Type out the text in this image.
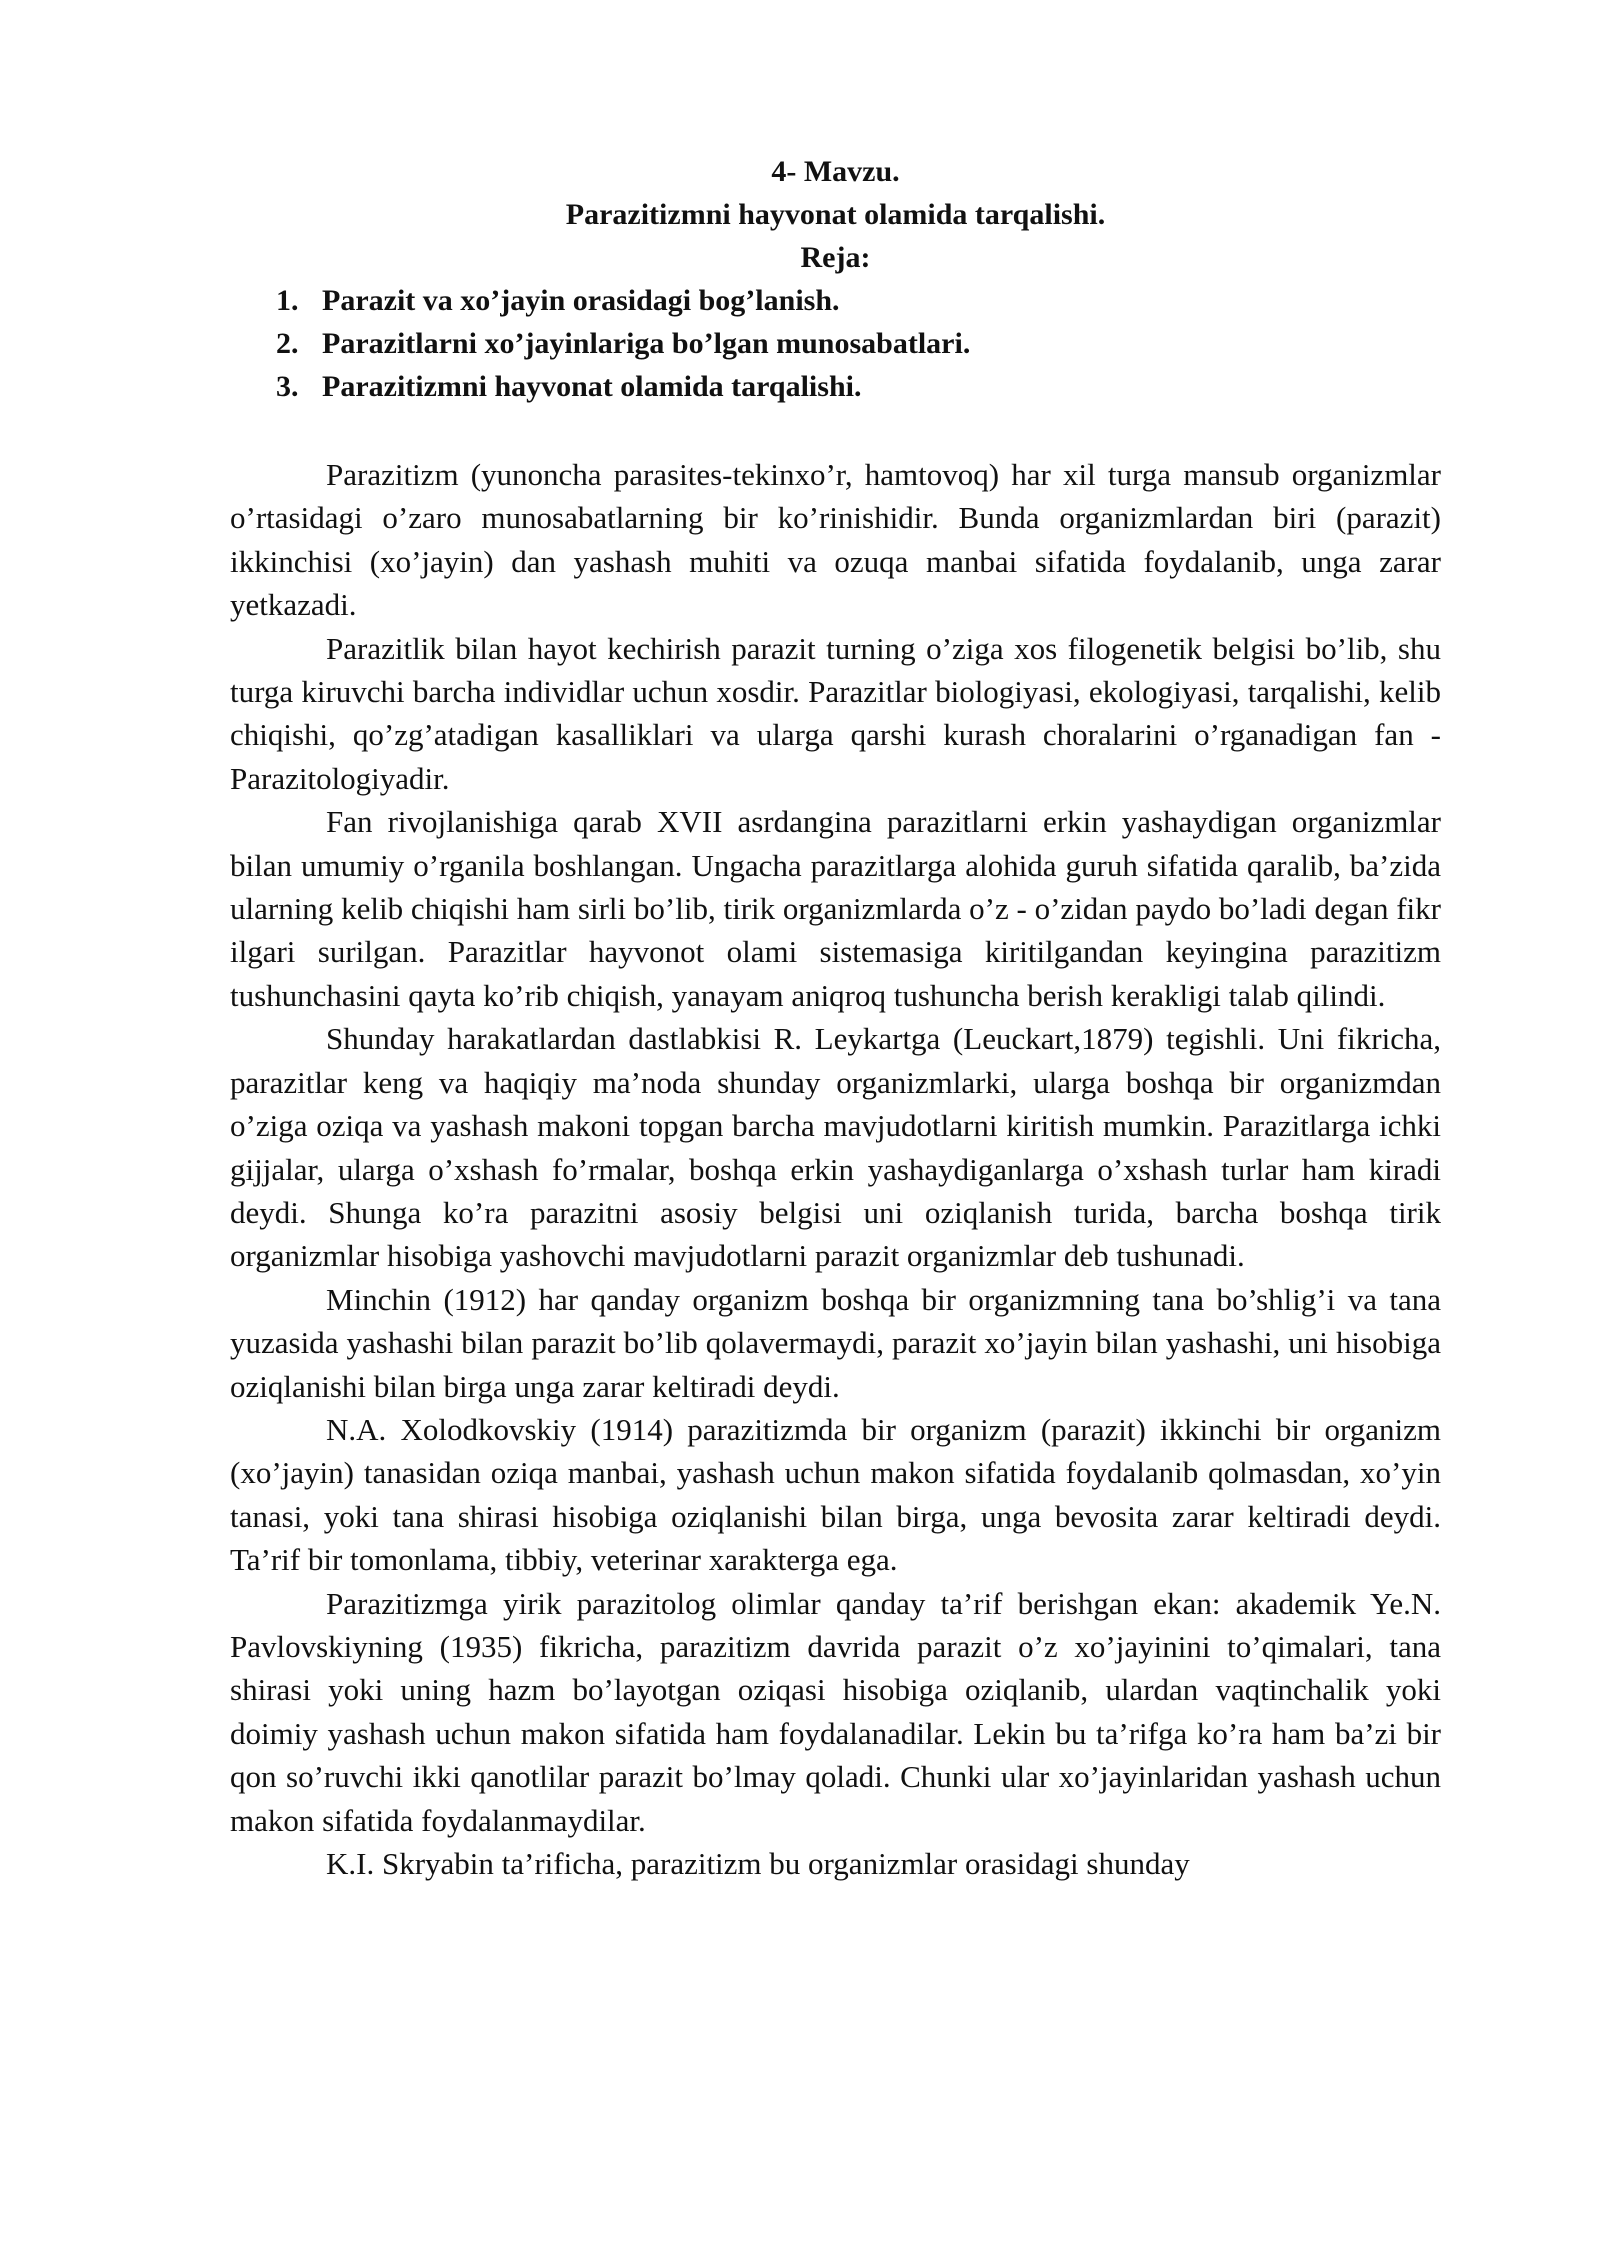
4- Mavzu.
Parazitizmni hayvonat olamida tarqalishi.
Reja:
1. Parazit va xo’jayin orasidagi bog’lanish.
2. Parazitlarni xo’jayinlariga bo’lgan munosabatlari.
3. Parazitizmni hayvonat olamida tarqalishi.

Parazitizm (yunoncha parasites-tekinxo’r, hamtovoq) har xil turga mansub organizmlar o’rtasidagi o’zaro munosabatlarning bir ko’rinishidir. Bunda organizmlardan biri (parazit) ikkinchisi (xo’jayin) dan yashash muhiti va ozuqa manbai sifatida foydalanib, unga zarar yetkazadi.

Parazitlik bilan hayot kechirish parazit turning o’ziga xos filogenetik belgisi bo’lib, shu turga kiruvchi barcha individlar uchun xosdir. Parazitlar biologiyasi, ekologiyasi, tarqalishi, kelib chiqishi, qo’zg’atadigan kasalliklari va ularga qarshi kurash choralarini o’rganadigan fan - Parazitologiyadir.

Fan rivojlanishiga qarab XVII asrdangina parazitlarni erkin yashaydigan organizmlar bilan umumiy o’rganila boshlangan. Ungacha parazitlarga alohida guruh sifatida qaralib, ba’zida ularning kelib chiqishi ham sirli bo’lib, tirik organizmlarda o’z - o’zidan paydo bo’ladi degan fikr ilgari surilgan. Parazitlar hayvonot olami sistemasiga kiritilgandan keyingina parazitizm tushunchasini qayta ko’rib chiqish, yanayam aniqroq tushuncha berish kerakligi talab qilindi.

Shunday harakatlardan dastlabkisi R. Leykartga (Leuckart,1879) tegishli. Uni fikricha, parazitlar keng va haqiqiy ma’noda shunday organizmlarki, ularga boshqa bir organizmdan o’ziga oziqa va yashash makoni topgan barcha mavjudotlarni kiritish mumkin. Parazitlarga ichki gijjalar, ularga o’xshash fo’rmalar, boshqa erkin yashaydiganlarga o’xshash turlar ham kiradi deydi. Shunga ko’ra parazitni asosiy belgisi uni oziqlanish turida, barcha boshqa tirik organizmlar hisobiga yashovchi mavjudotlarni parazit organizmlar deb tushunadi.

Minchin (1912) har qanday organizm boshqa bir organizmning tana bo’shlig’i va tana yuzasida yashashi bilan parazit bo’lib qolavermaydi, parazit xo’jayin bilan yashashi, uni hisobiga oziqlanishi bilan birga unga zarar keltiradi deydi.

N.A. Xolodkovskiy (1914) parazitizmda bir organizm (parazit) ikkinchi bir organizm (xo’jayin) tanasidan oziqa manbai, yashash uchun makon sifatida foydalanib qolmasdan, xo’yin tanasi, yoki tana shirasi hisobiga oziqlanishi bilan birga, unga bevosita zarar keltiradi deydi. Ta’rif bir tomonlama, tibbiy, veterinar xarakterga ega.

Parazitizmga yirik parazitolog olimlar qanday ta’rif berishgan ekan: akademik Ye.N. Pavlovskiyning (1935) fikricha, parazitizm davrida parazit o’z xo’jayinini to’qimalari, tana shirasi yoki uning hazm bo’layotgan oziqasi hisobiga oziqlanib, ulardan vaqtinchalik yoki doimiy yashash uchun makon sifatida ham foydalanadilar. Lekin bu ta’rifga ko’ra ham ba’zi bir qon so’ruvchi ikki qanotlilar parazit bo’lmay qoladi. Chunki ular xo’jayinlaridan yashash uchun makon sifatida foydalanmaydilar.

K.I. Skryabin ta’rificha, parazitizm bu organizmlar orasidagi shunday
